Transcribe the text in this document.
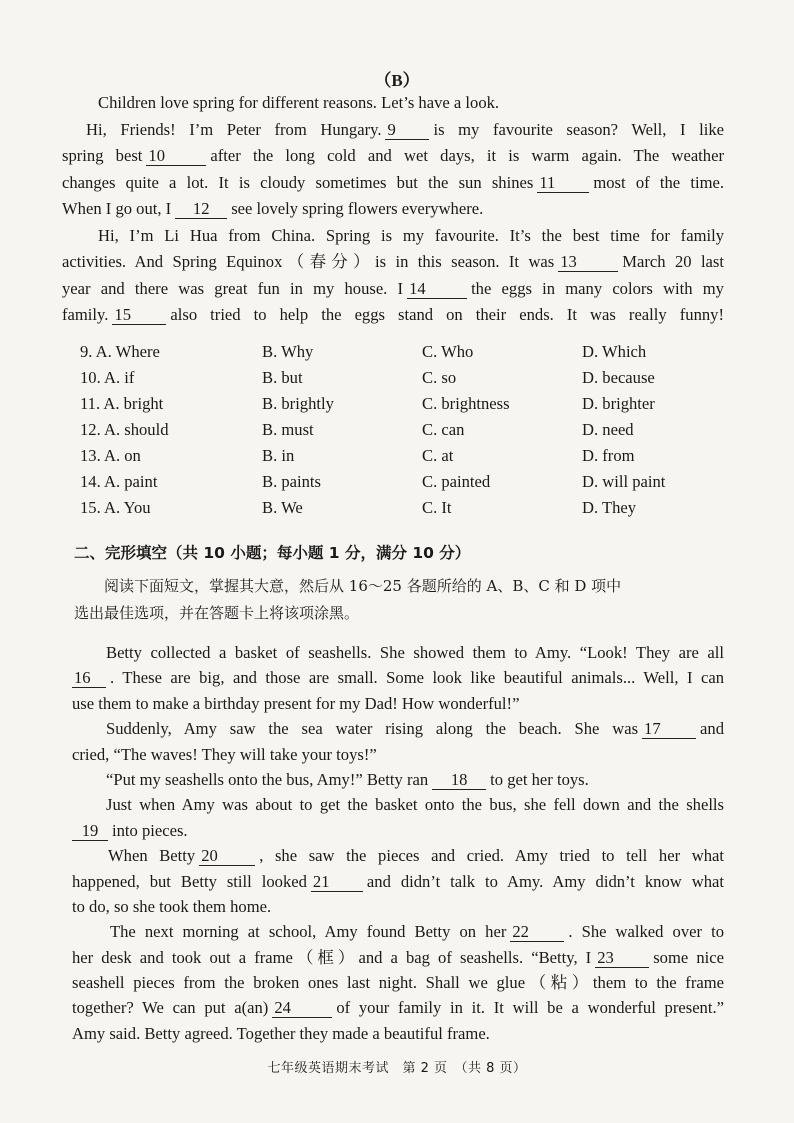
（B）
Children love spring for different reasons. Let’s have a look.
Hi, Friends! I’m Peter from Hungary. 9 is my favourite season? Well, I like
spring best 10	after the long cold and wet days, it is warm again. The weather
changes quite a lot. It is cloudy sometimes but the sun shines 11 most of the time.
When I go out, I 12 see lovely spring flowers everywhere.
Hi, I’m Li Hua from China. Spring is my favourite. It’s the best time for family
activities. And Spring Equinox（春分）is in this season. It was 13	March 20 last
year and there was great fun in my house. I 14	the eggs in many colors with my
family. 15 also tried to help the eggs stand on their ends. It was really funny!
9. A. Where	B. Why	C. Who	D. Which
10. A. if	B. but	C. so	D. because
11. A. bright	B. brightly	C. brightness	D. brighter
12. A. should	B. must	C. can	D. need
13. A. on	B. in	C. at	D. from
14. A. paint	B. paints	C. painted	D. will paint
15. A. You	B. We	C. It	D. They
二、完形填空（共 10 小题；每小题 1 分，满分 10 分）
阅读下面短文，掌握其大意，然后从 16～25 各题所给的 A、B、C 和 D 项中
选出最佳选项，并在答题卡上将该项涂黑。
Betty collected a basket of seashells. She showed them to Amy. “Look! They are all
16 . These are big, and those are small. Some look like beautiful animals... Well, I can
use them to make a birthday present for my Dad! How wonderful!”
Suddenly, Amy saw the sea water rising along the beach. She was 17 and
cried, “The waves! They will take your toys!”
“Put my seashells onto the bus, Amy!” Betty ran 18 to get her toys.
Just when Amy was about to get the basket onto the bus, she fell down and the shells
19 into pieces.
When Betty 20 , she saw the pieces and cried. Amy tried to tell her what
happened, but Betty still looked 21 and didn’t talk to Amy. Amy didn’t know what
to do, so she took them home.
The next morning at school, Amy found Betty on her 22 . She walked over to
her desk and took out a frame（框）and a bag of seashells. “Betty, I 23 some nice
seashell pieces from the broken ones last night. Shall we glue（粘）them to the frame
together? We can put a(an) 24	of your family in it. It will be a wonderful present.”
Amy said. Betty agreed. Together they made a beautiful frame.
七年级英语期末考试　第 2 页　（共 8 页）
